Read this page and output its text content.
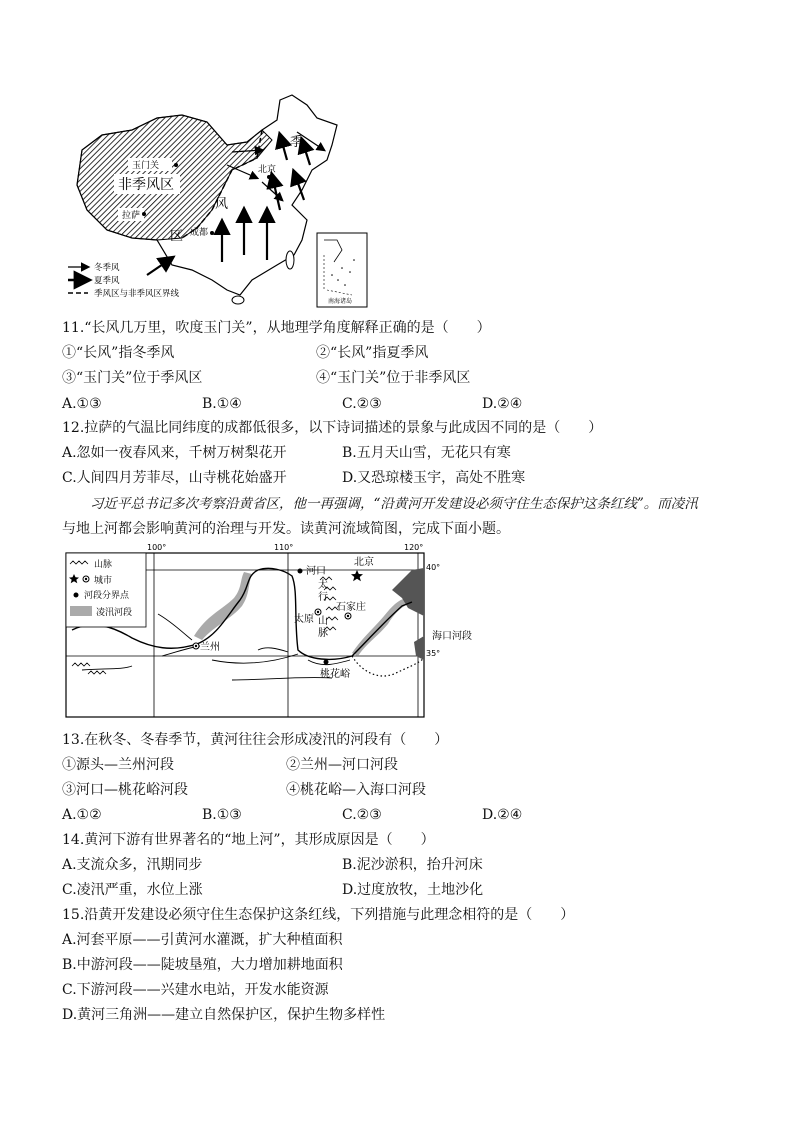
玉门关
非季风区
拉萨
成都
北京
季
风
区
冬季风
夏季风
季风区与非季风区界线
南海诸岛
11.“长风几万里，吹度玉门关”，从地理学角度解释正确的是（　　）
①“长风”指冬季风	②“长风”指夏季风
③“玉门关”位于季风区	④“玉门关”位于非季风区
A.①③	B.①④	C.②③	D.②④
12.拉萨的气温比同纬度的成都低很多，以下诗词描述的景象与此成因不同的是（　　）
A.忽如一夜春风来，千树万树梨花开	B.五月天山雪，无花只有寒
C.人间四月芳菲尽，山寺桃花始盛开	D.又恐琼楼玉宇，高处不胜寒
习近平总书记多次考察沿黄省区，他一再强调，“沿黄河开发建设必须守住生态保护这条红线”。而凌汛
与地上河都会影响黄河的治理与开发。读黄河流域简图，完成下面小题。
100°	110°	120°
河口
北京
太
行
石家庄
太原 山
脉
兰州
桃花峪
40°
35°
海口河段
山脉
城市
河段分界点
凌汛河段
13.在秋冬、冬春季节，黄河往往会形成凌汛的河段有（　　）
①源头—兰州河段	②兰州—河口河段
③河口—桃花峪河段	④桃花峪—入海口河段
A.①②	B.①③	C.②③	D.②④
14.黄河下游有世界著名的“地上河”，其形成原因是（　　）
A.支流众多，汛期同步	B.泥沙淤积，抬升河床
C.凌汛严重，水位上涨	D.过度放牧，土地沙化
15.沿黄开发建设必须守住生态保护这条红线，下列措施与此理念相符的是（　　）
A.河套平原——引黄河水灌溉，扩大种植面积
B.中游河段——陡坡垦殖，大力增加耕地面积
C.下游河段——兴建水电站，开发水能资源
D.黄河三角洲——建立自然保护区，保护生物多样性
